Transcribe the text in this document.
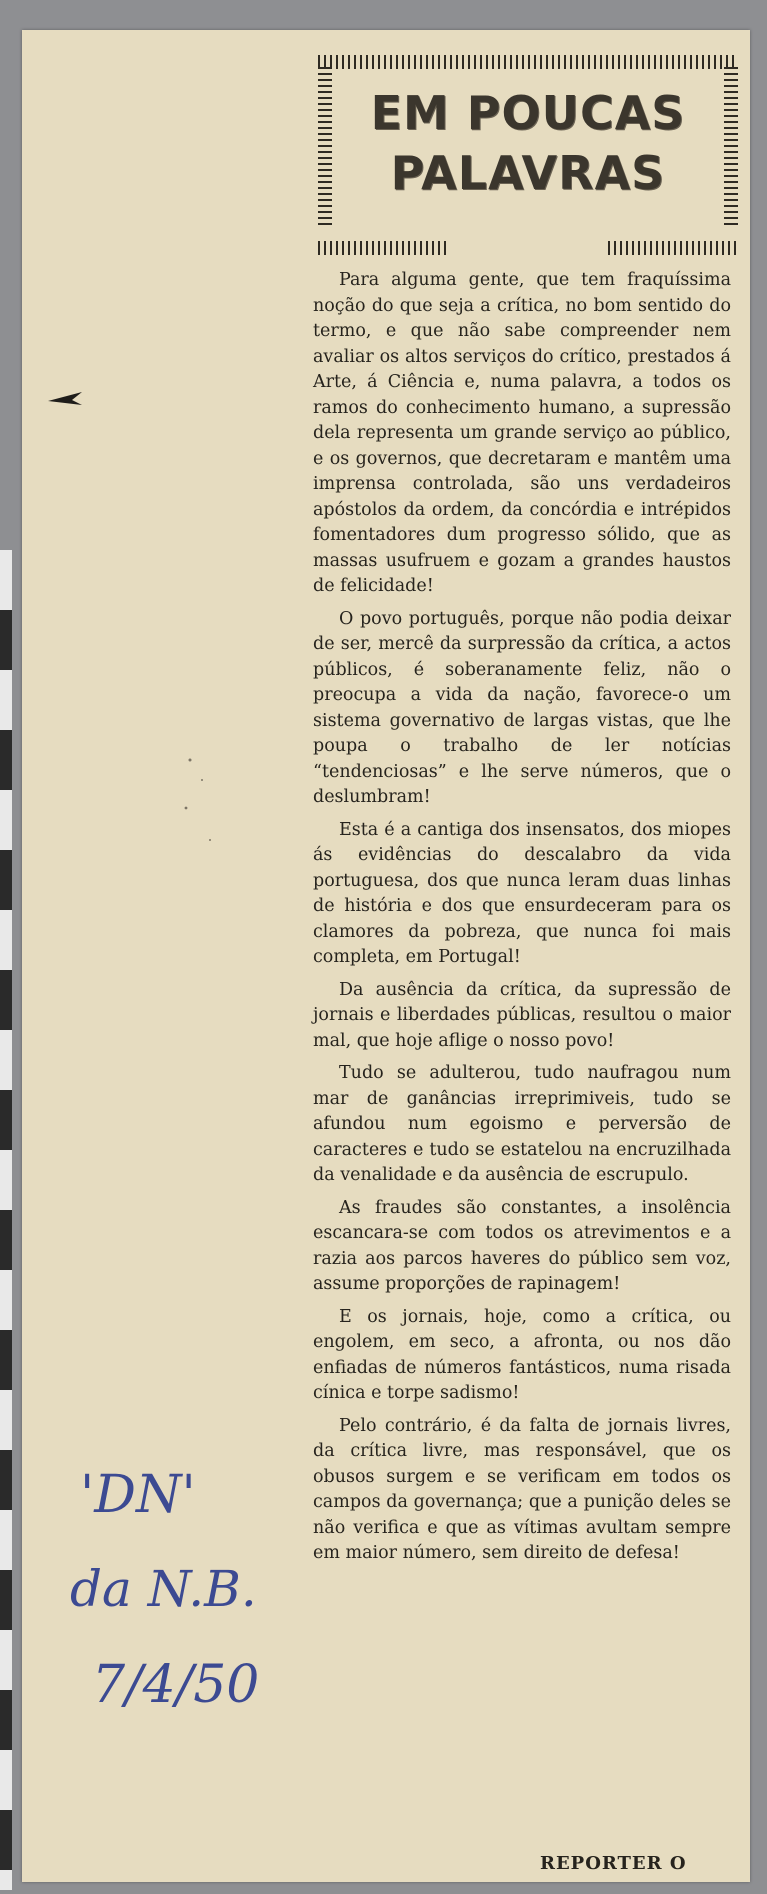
EM POUCAS PALAVRAS

Para alguma gente, que tem fraquíssima noção do que seja a crítica, no bom sentido do termo, e que não sabe compreender nem avaliar os altos serviços do crítico, prestados á Arte, á Ciência e, numa palavra, a todos os ramos do conhecimento humano, a supressão dela representa um grande serviço ao público, e os governos, que decretaram e mantêm uma imprensa controlada, são uns verdadeiros apóstolos da ordem, da concórdia e intrépidos fomentadores dum progresso sólido, que as massas usufruem e gozam a grandes haustos de felicidade!

O povo português, porque não podia deixar de ser, mercê da surpressão da crítica, a actos públicos, é soberanamente feliz, não o preocupa a vida da nação, favorece-o um sistema governativo de largas vistas, que lhe poupa o trabalho de ler notícias “tendenciosas” e lhe serve números, que o deslumbram!

Esta é a cantiga dos insensatos, dos miopes ás evidências do descalabro da vida portuguesa, dos que nunca leram duas linhas de história e dos que ensurdeceram para os clamores da pobreza, que nunca foi mais completa, em Portugal!

Da ausência da crítica, da supressão de jornais e liberdades públicas, resultou o maior mal, que hoje aflige o nosso povo!

Tudo se adulterou, tudo naufragou num mar de ganâncias irreprimiveis, tudo se afundou num egoismo e perversão de caracteres e tudo se estatelou na encruzilhada da venalidade e da ausência de escrupulo.

As fraudes são constantes, a insolência escancara-se com todos os atrevimentos e a razia aos parcos haveres do público sem voz, assume proporções de rapinagem!

E os jornais, hoje, como a crítica, ou engolem, em seco, a afronta, ou nos dão enfiadas de números fantásticos, numa risada cínica e torpe sadismo!

Pelo contrário, é da falta de jornais livres, da crítica livre, mas responsável, que os obusos surgem e se verificam em todos os campos da governança; que a punição deles se não verifica e que as vítimas avultam sempre em maior número, sem direito de defesa!

REPORTER O
'DN'
da N.B.
7/4/50
